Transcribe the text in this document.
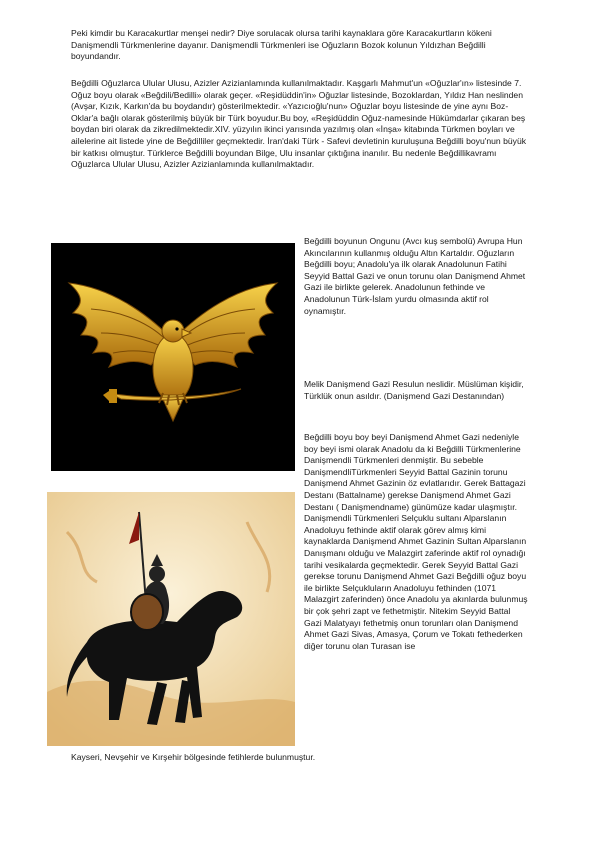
Peki kimdir bu Karacakurtlar menşei nedir? Diye sorulacak olursa tarihi kaynaklara göre Karacakurtların kökeni Danişmendli Türkmenlerine dayanır. Danişmendli Türkmenleri ise Oğuzların Bozok kolunun Yıldızhan Beğdilli boyundandır.

Beğdilli Oğuzlarca Ulular Ulusu, Azizler Azizianlamında kullanılmaktadır. Kaşgarlı Mahmut'un «Oğuzlar'ın» listesinde 7. Oğuz boyu olarak «Beğdili/Bedilli» olarak geçer. «Reşidüddin'in» Oğuzlar listesinde, Bozoklardan, Yıldız Han neslinden (Avşar, Kızık, Karkın'da bu boydandır) gösterilmektedir. «Yazıcıoğlu'nun» Oğuzlar boyu listesinde de yine aynı Boz-Oklar'a bağlı olarak gösterilmiş büyük bir Türk boyudur.Bu boy, «Reşidüddin Oğuz-namesinde Hükümdarlar çıkaran beş boydan biri olarak da zikredilmektedir.XIV. yüzyılın ikinci yarısında yazılmış olan «İnşa» kitabında Türkmen boyları ve ailelerine ait listede yine de Beğdilliler geçmektedir. İran'daki Türk - Safevi devletinin kuruluşuna Beğdilli boyu'nun büyük bir katkısı olmuştur. Türklerce Beğdilli boyundan Bilge, Ulu insanlar çıktığına inanılır. Bu nedenle Beğdillikavramı Oğuzlarca Ulular Ulusu, Azizler Azizianlamında kullanılmaktadır.

Beğdilli boyunun Ongunu (Avcı kuş sembolü) Avrupa Hun Akıncılarının kullanmış olduğu Altın Kartaldır. Oğuzların Beğdilli boyu; Anadolu'ya ilk olarak Anadolunun Fatihi Seyyid Battal Gazi ve onun torunu olan Danişmend Ahmet Gazi ile birlikte gelerek. Anadolunun fethinde ve Anadolunun Türk-İslam yurdu olmasında aktif rol oynamıştır.

Melik Danişmend Gazi Resulun neslidir. Müslüman kişidir, Türklük onun asıldır. (Danişmend Gazi Destanından)

Beğdilli boyu boy beyi Danişmend Ahmet Gazi nedeniyle boy beyi ismi olarak Anadolu da ki Beğdilli Türkmenlerine Danişmendli Türkmenleri denmiştir. Bu sebeble DanişmendliTürkmenleri Seyyid Battal Gazinin torunu Danişmend Ahmet Gazinin öz evlatlarıdır. Gerek Battagazi Destanı (Battalname) gerekse Danişmend Ahmet Gazi Destanı ( Danişmendname) günümüze kadar ulaşmıştır. Danişmendli Türkmenleri Selçuklu sultanı Alparslanın Anadoluyu fethinde aktif olarak görev almış kimi kaynaklarda Danişmend Ahmet Gazinin Sultan Alparslanın Danışmanı olduğu ve Malazgirt zaferinde aktif rol oynadığı tarihi vesikalarda geçmektedir. Gerek Seyyid Battal Gazi gerekse torunu Danişmend Ahmet Gazi Beğdilli oğuz boyu ile birlikte Selçukluların Anadoluyu fethinden (1071 Malazgirt zaferinden) önce Anadolu ya akınlarda bulunmuş bir çok şehri zapt ve fethetmiştir. Nitekim Seyyid Battal Gazi Malatyayı fethetmiş onun torunları olan Danişmend Ahmet Gazi Sivas, Amasya, Çorum ve Tokatı fethederken diğer torunu olan Turasan ise

Kayseri, Nevşehir ve Kırşehir bölgesinde fetihlerde bulunmuştur.
